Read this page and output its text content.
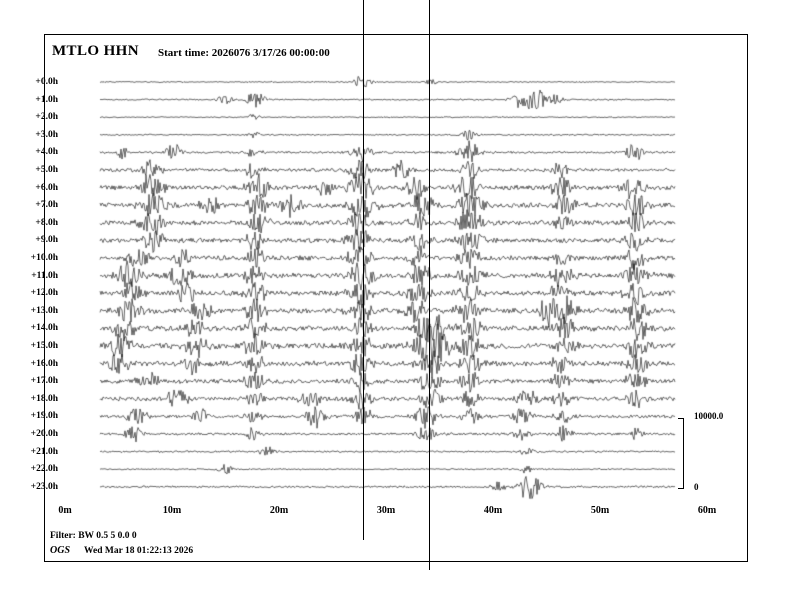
MTLO HHN Start time: 2026076 3/17/26 00:00:00
+0.0h
+1.0h
+2.0h
+3.0h
+4.0h
+5.0h
+6.0h
+7.0h
+8.0h
+9.0h
+10.0h
+11.0h
+12.0h
+13.0h
+14.0h
+15.0h
+16.0h
+17.0h
+18.0h
+19.0h
+20.0h
+21.0h
+22.0h
+23.0h
0m	10m	20m	30m	40m	50m	60m
10000.0
0
Filter: BW 0.5 5 0.0 0
OGS Wed Mar 18 01:22:13 2026
